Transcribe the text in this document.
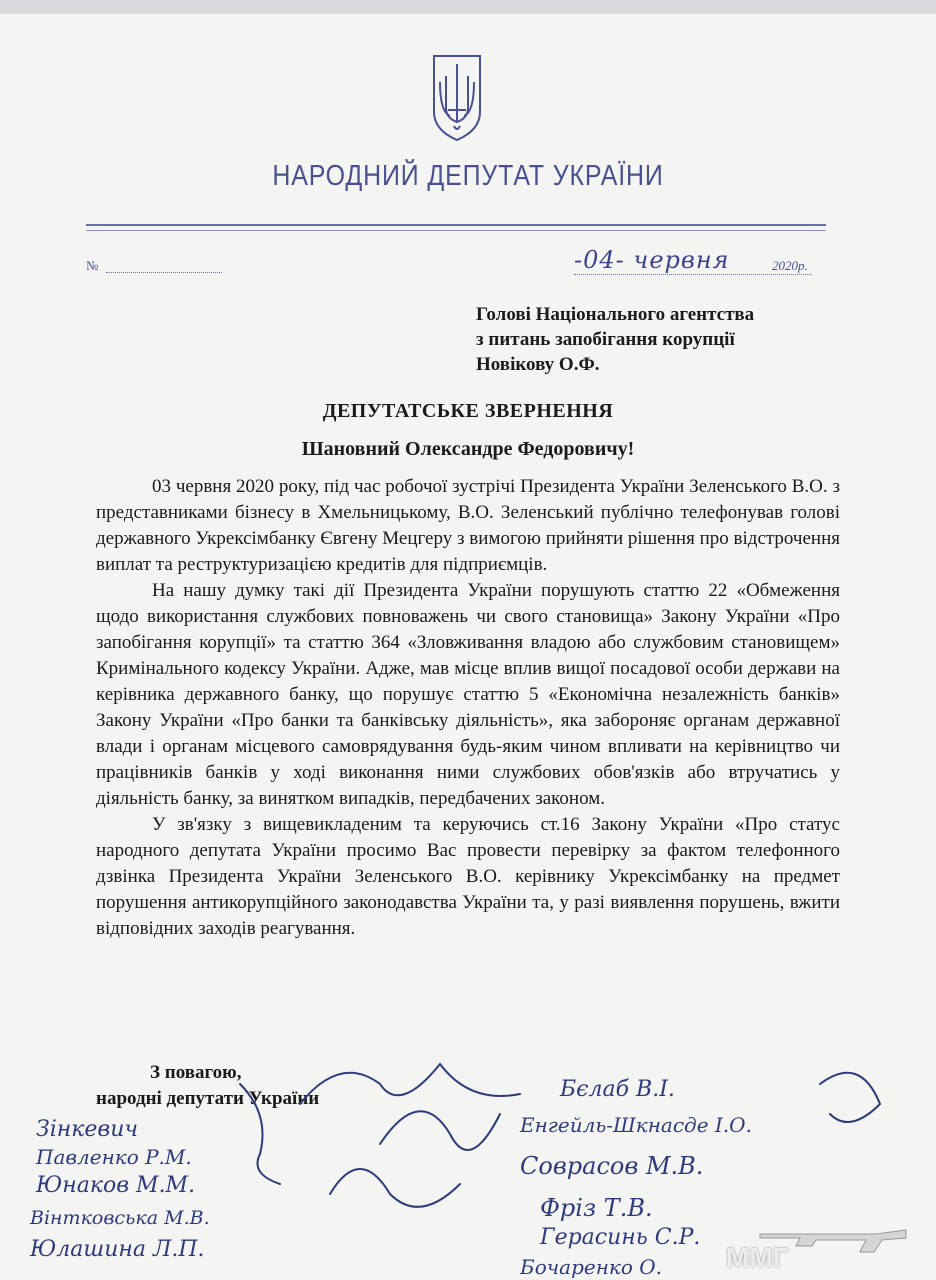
НАРОДНИЙ ДЕПУТАТ УКРАЇНИ
№	-04- червня	2020р.
Голові Національного агентства
з питань запобігання корупції
Новікову О.Ф.
ДЕПУТАТСЬКЕ ЗВЕРНЕННЯ
Шановний Олександре Федоровичу!

03 червня 2020 року, під час робочої зустрічі Президента України Зеленського В.О. з представниками бізнесу в Хмельницькому, В.О. Зеленський публічно телефонував голові державного Укрексімбанку Євгену Мецгеру з вимогою прийняти рішення про відстрочення виплат та реструктуризацією кредитів для підприємців.

На нашу думку такі дії Президента України порушують статтю 22 «Обмеження щодо використання службових повноважень чи свого становища» Закону України «Про запобігання корупції» та статтю 364 «Зловживання владою або службовим становищем» Кримінального кодексу України. Адже, мав місце вплив вищої посадової особи держави на керівника державного банку, що порушує статтю 5 «Економічна незалежність банків» Закону України «Про банки та банківську діяльність», яка забороняє органам державної влади і органам місцевого самоврядування будь-яким чином впливати на керівництво чи працівників банків у ході виконання ними службових обов'язків або втручатись у діяльність банку, за винятком випадків, передбачених законом.

У зв'язку з вищевикладеним та керуючись ст.16 Закону України «Про статус народного депутата України просимо Вас провести перевірку за фактом телефонного дзвінка Президента України Зеленського В.О. керівнику Укрексімбанку на предмет порушення антикорупційного законодавства України та, у разі виявлення порушень, вжити відповідних заходів реагування.

З повагою,
народні депутати України
Зінкевич
Павленко Р.М.
Юнаков М.М.
Вінтковська М.В.
Юлашина Л.П.
Бєлаб В.І.
Енгейль-Шкнасде І.О.
Соврасов М.В.
Фріз Т.В.
Герасинь С.Р.
Бочаренко О. ММГ
